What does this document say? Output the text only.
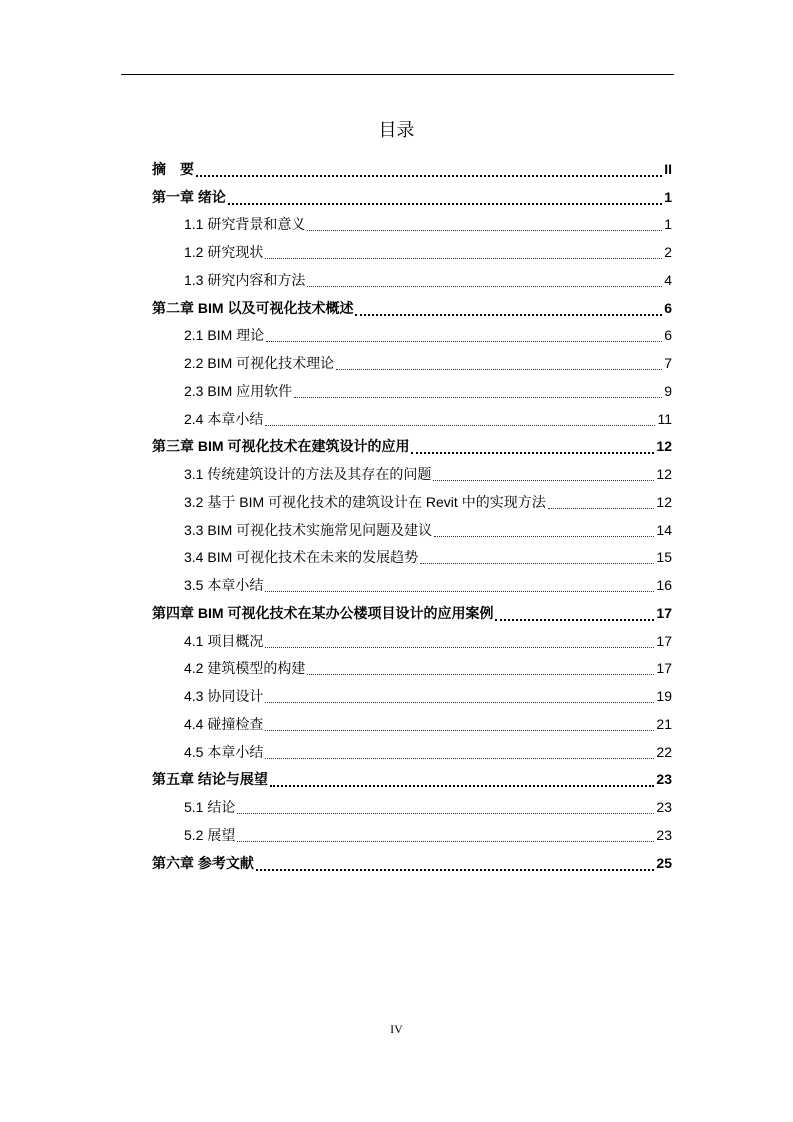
目录
摘　要	II
第一章 绪论	1
1.1 研究背景和意义	1
1.2 研究现状	2
1.3 研究内容和方法	4
第二章 BIM 以及可视化技术概述	6
2.1 BIM 理论	6
2.2 BIM 可视化技术理论	7
2.3 BIM 应用软件	9
2.4 本章小结	11
第三章 BIM 可视化技术在建筑设计的应用	12
3.1 传统建筑设计的方法及其存在的问题	12
3.2 基于 BIM 可视化技术的建筑设计在 Revit 中的实现方法	12
3.3 BIM 可视化技术实施常见问题及建议	14
3.4 BIM 可视化技术在未来的发展趋势	15
3.5 本章小结	16
第四章 BIM 可视化技术在某办公楼项目设计的应用案例	17
4.1 项目概况	17
4.2 建筑模型的构建	17
4.3 协同设计	19
4.4 碰撞检查	21
4.5 本章小结	22
第五章 结论与展望	23
5.1 结论	23
5.2 展望	23
第六章 参考文献	25
IV
